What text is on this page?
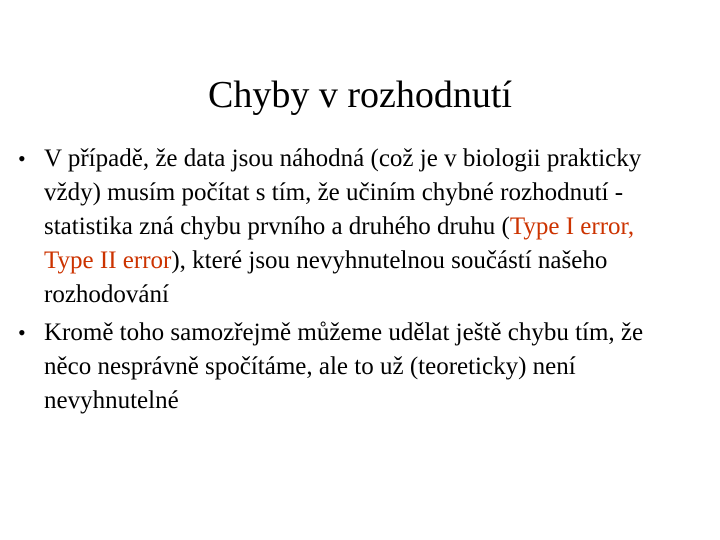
Chyby v rozhodnutí
• V případě, že data jsou náhodná (což je v biologii prakticky vždy) musím počítat s tím, že učiním chybné rozhodnutí - statistika zná chybu prvního a druhého druhu (Type I error, Type II error), které jsou nevyhnutelnou součástí našeho rozhodování
• Kromě toho samozřejmě můžeme udělat ještě chybu tím, že něco nesprávně spočítáme, ale to už (teoreticky) není nevyhnutelné
